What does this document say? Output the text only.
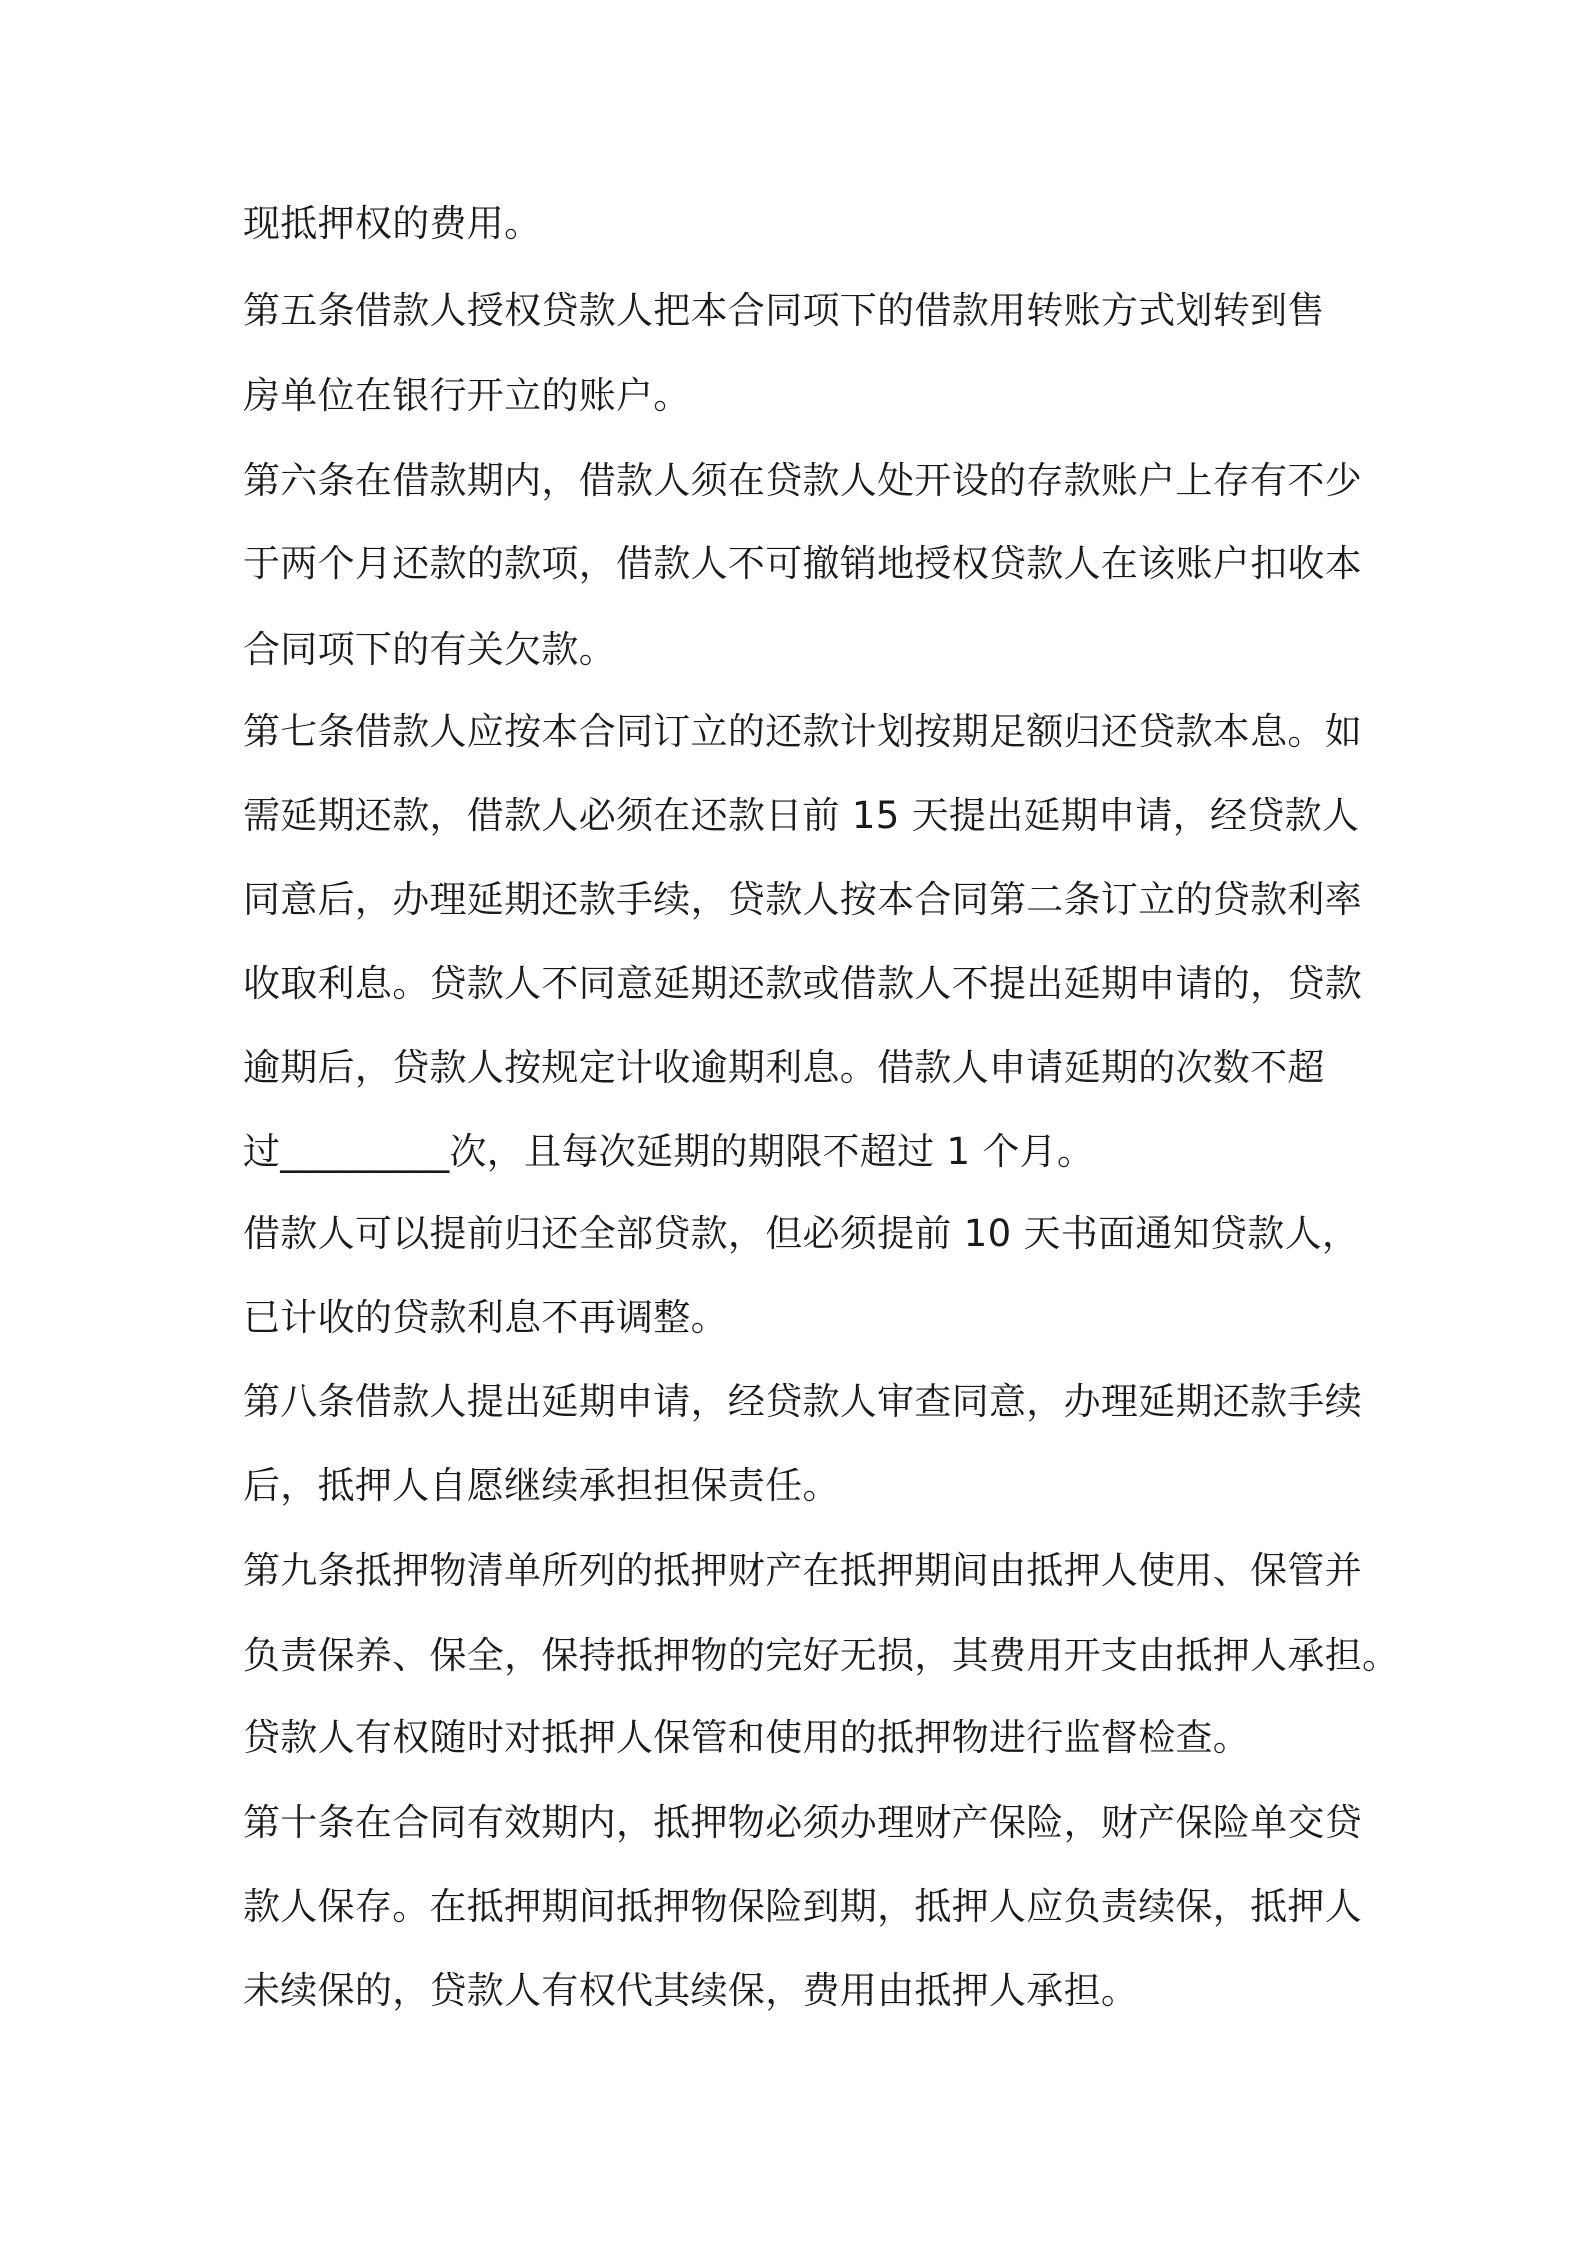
现抵押权的费用。
第五条借款人授权贷款人把本合同项下的借款用转账方式划转到售
房单位在银行开立的账户。
第六条在借款期内，借款人须在贷款人处开设的存款账户上存有不少
于两个月还款的款项，借款人不可撤销地授权贷款人在该账户扣收本
合同项下的有关欠款。
第七条借款人应按本合同订立的还款计划按期足额归还贷款本息。如
需延期还款，借款人必须在还款日前 15 天提出延期申请，经贷款人
同意后，办理延期还款手续，贷款人按本合同第二条订立的贷款利率
收取利息。贷款人不同意延期还款或借款人不提出延期申请的，贷款
逾期后，贷款人按规定计收逾期利息。借款人申请延期的次数不超
过_________次，且每次延期的期限不超过 1 个月。
借款人可以提前归还全部贷款，但必须提前 10 天书面通知贷款人，
已计收的贷款利息不再调整。
第八条借款人提出延期申请，经贷款人审查同意，办理延期还款手续
后，抵押人自愿继续承担担保责任。
第九条抵押物清单所列的抵押财产在抵押期间由抵押人使用、保管并
负责保养、保全，保持抵押物的完好无损，其费用开支由抵押人承担。
贷款人有权随时对抵押人保管和使用的抵押物进行监督检查。
第十条在合同有效期内，抵押物必须办理财产保险，财产保险单交贷
款人保存。在抵押期间抵押物保险到期，抵押人应负责续保，抵押人
未续保的，贷款人有权代其续保，费用由抵押人承担。
